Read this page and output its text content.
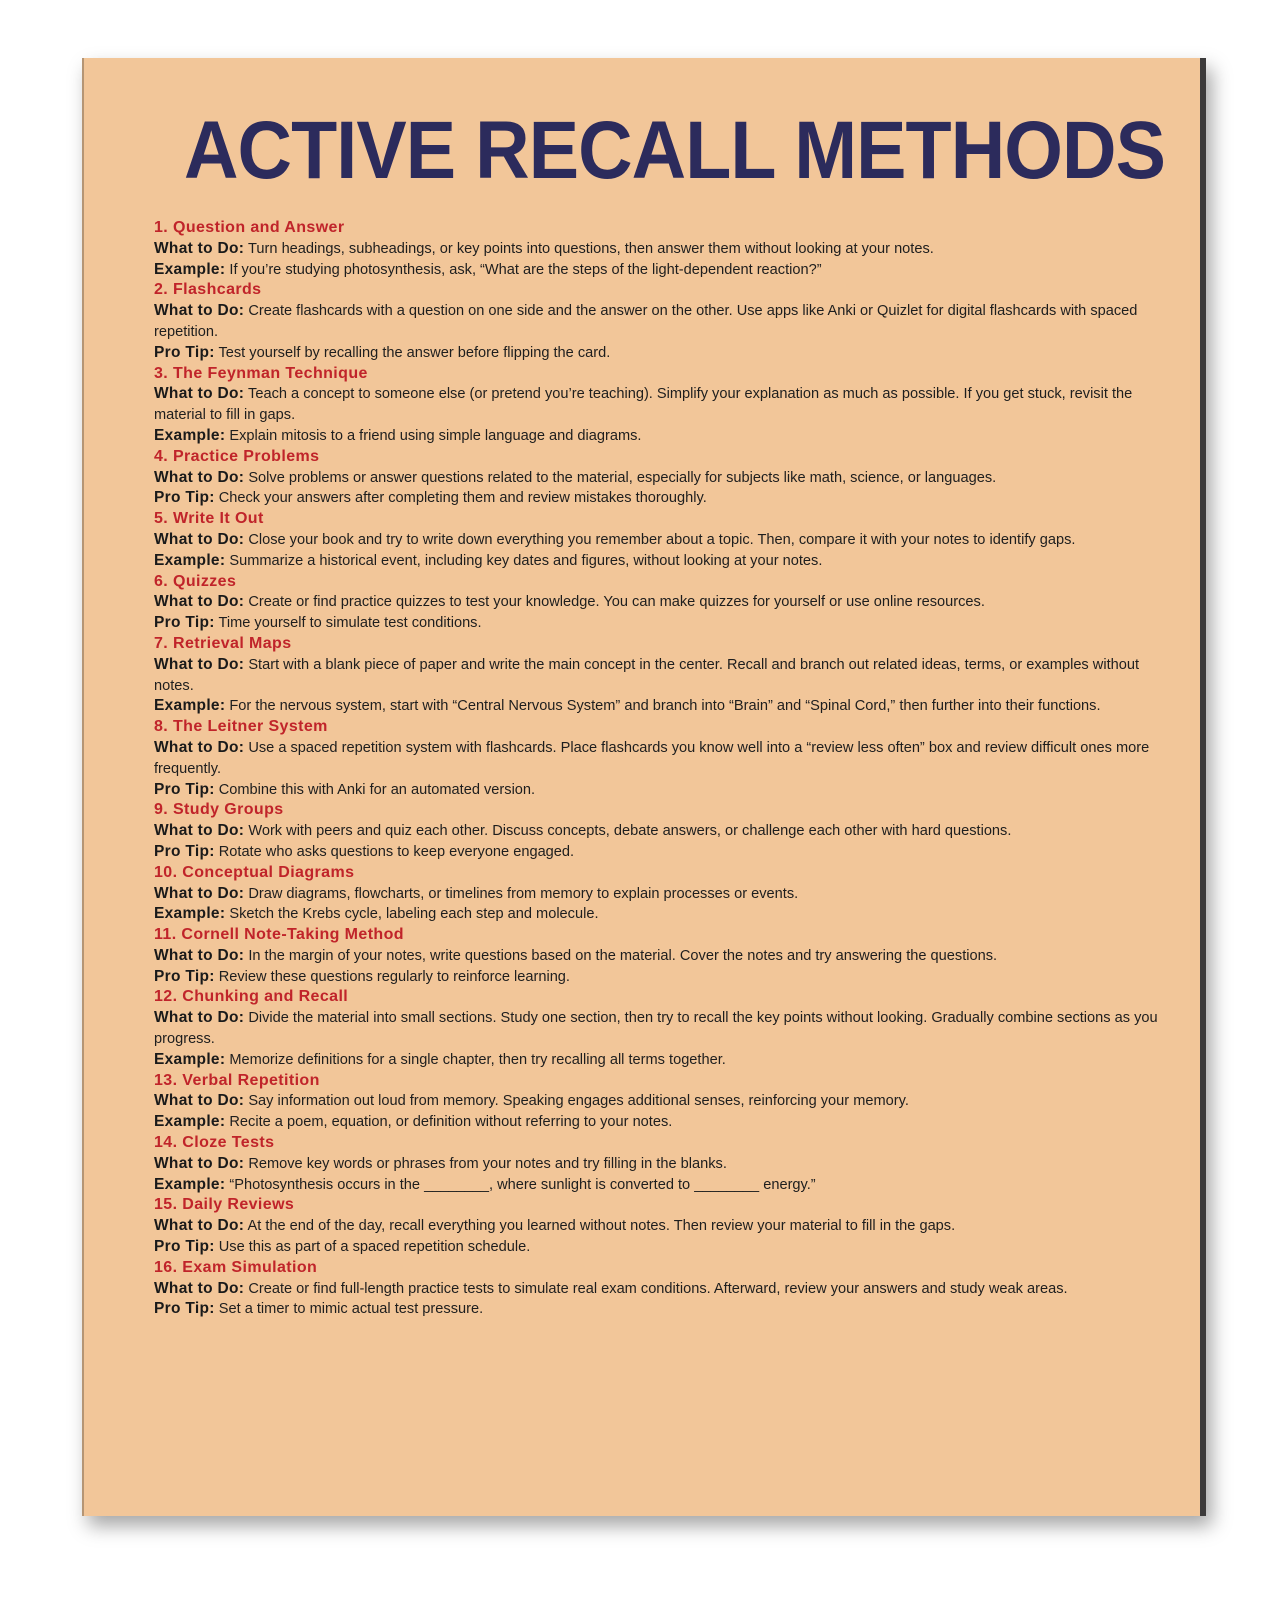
ACTIVE RECALL METHODS
1. Question and Answer
What to Do: Turn headings, subheadings, or key points into questions, then answer them without looking at your notes.
Example: If you’re studying photosynthesis, ask, “What are the steps of the light-dependent reaction?”
2. Flashcards
What to Do: Create flashcards with a question on one side and the answer on the other. Use apps like Anki or Quizlet for digital flashcards with spaced repetition.
Pro Tip: Test yourself by recalling the answer before flipping the card.
3. The Feynman Technique
What to Do: Teach a concept to someone else (or pretend you’re teaching). Simplify your explanation as much as possible. If you get stuck, revisit the material to fill in gaps.
Example: Explain mitosis to a friend using simple language and diagrams.
4. Practice Problems
What to Do: Solve problems or answer questions related to the material, especially for subjects like math, science, or languages.
Pro Tip: Check your answers after completing them and review mistakes thoroughly.
5. Write It Out
What to Do: Close your book and try to write down everything you remember about a topic. Then, compare it with your notes to identify gaps.
Example: Summarize a historical event, including key dates and figures, without looking at your notes.
6. Quizzes
What to Do: Create or find practice quizzes to test your knowledge. You can make quizzes for yourself or use online resources.
Pro Tip: Time yourself to simulate test conditions.
7. Retrieval Maps
What to Do: Start with a blank piece of paper and write the main concept in the center. Recall and branch out related ideas, terms, or examples without notes.
Example: For the nervous system, start with “Central Nervous System” and branch into “Brain” and “Spinal Cord,” then further into their functions.
8. The Leitner System
What to Do: Use a spaced repetition system with flashcards. Place flashcards you know well into a “review less often” box and review difficult ones more frequently.
Pro Tip: Combine this with Anki for an automated version.
9. Study Groups
What to Do: Work with peers and quiz each other. Discuss concepts, debate answers, or challenge each other with hard questions.
Pro Tip: Rotate who asks questions to keep everyone engaged.
10. Conceptual Diagrams
What to Do: Draw diagrams, flowcharts, or timelines from memory to explain processes or events.
Example: Sketch the Krebs cycle, labeling each step and molecule.
11. Cornell Note-Taking Method
What to Do: In the margin of your notes, write questions based on the material. Cover the notes and try answering the questions.
Pro Tip: Review these questions regularly to reinforce learning.
12. Chunking and Recall
What to Do: Divide the material into small sections. Study one section, then try to recall the key points without looking. Gradually combine sections as you progress.
Example: Memorize definitions for a single chapter, then try recalling all terms together.
13. Verbal Repetition
What to Do: Say information out loud from memory. Speaking engages additional senses, reinforcing your memory.
Example: Recite a poem, equation, or definition without referring to your notes.
14. Cloze Tests
What to Do: Remove key words or phrases from your notes and try filling in the blanks.
Example: “Photosynthesis occurs in the ________, where sunlight is converted to ________ energy.”
15. Daily Reviews
What to Do: At the end of the day, recall everything you learned without notes. Then review your material to fill in the gaps.
Pro Tip: Use this as part of a spaced repetition schedule.
16. Exam Simulation
What to Do: Create or find full-length practice tests to simulate real exam conditions. Afterward, review your answers and study weak areas.
Pro Tip: Set a timer to mimic actual test pressure.
